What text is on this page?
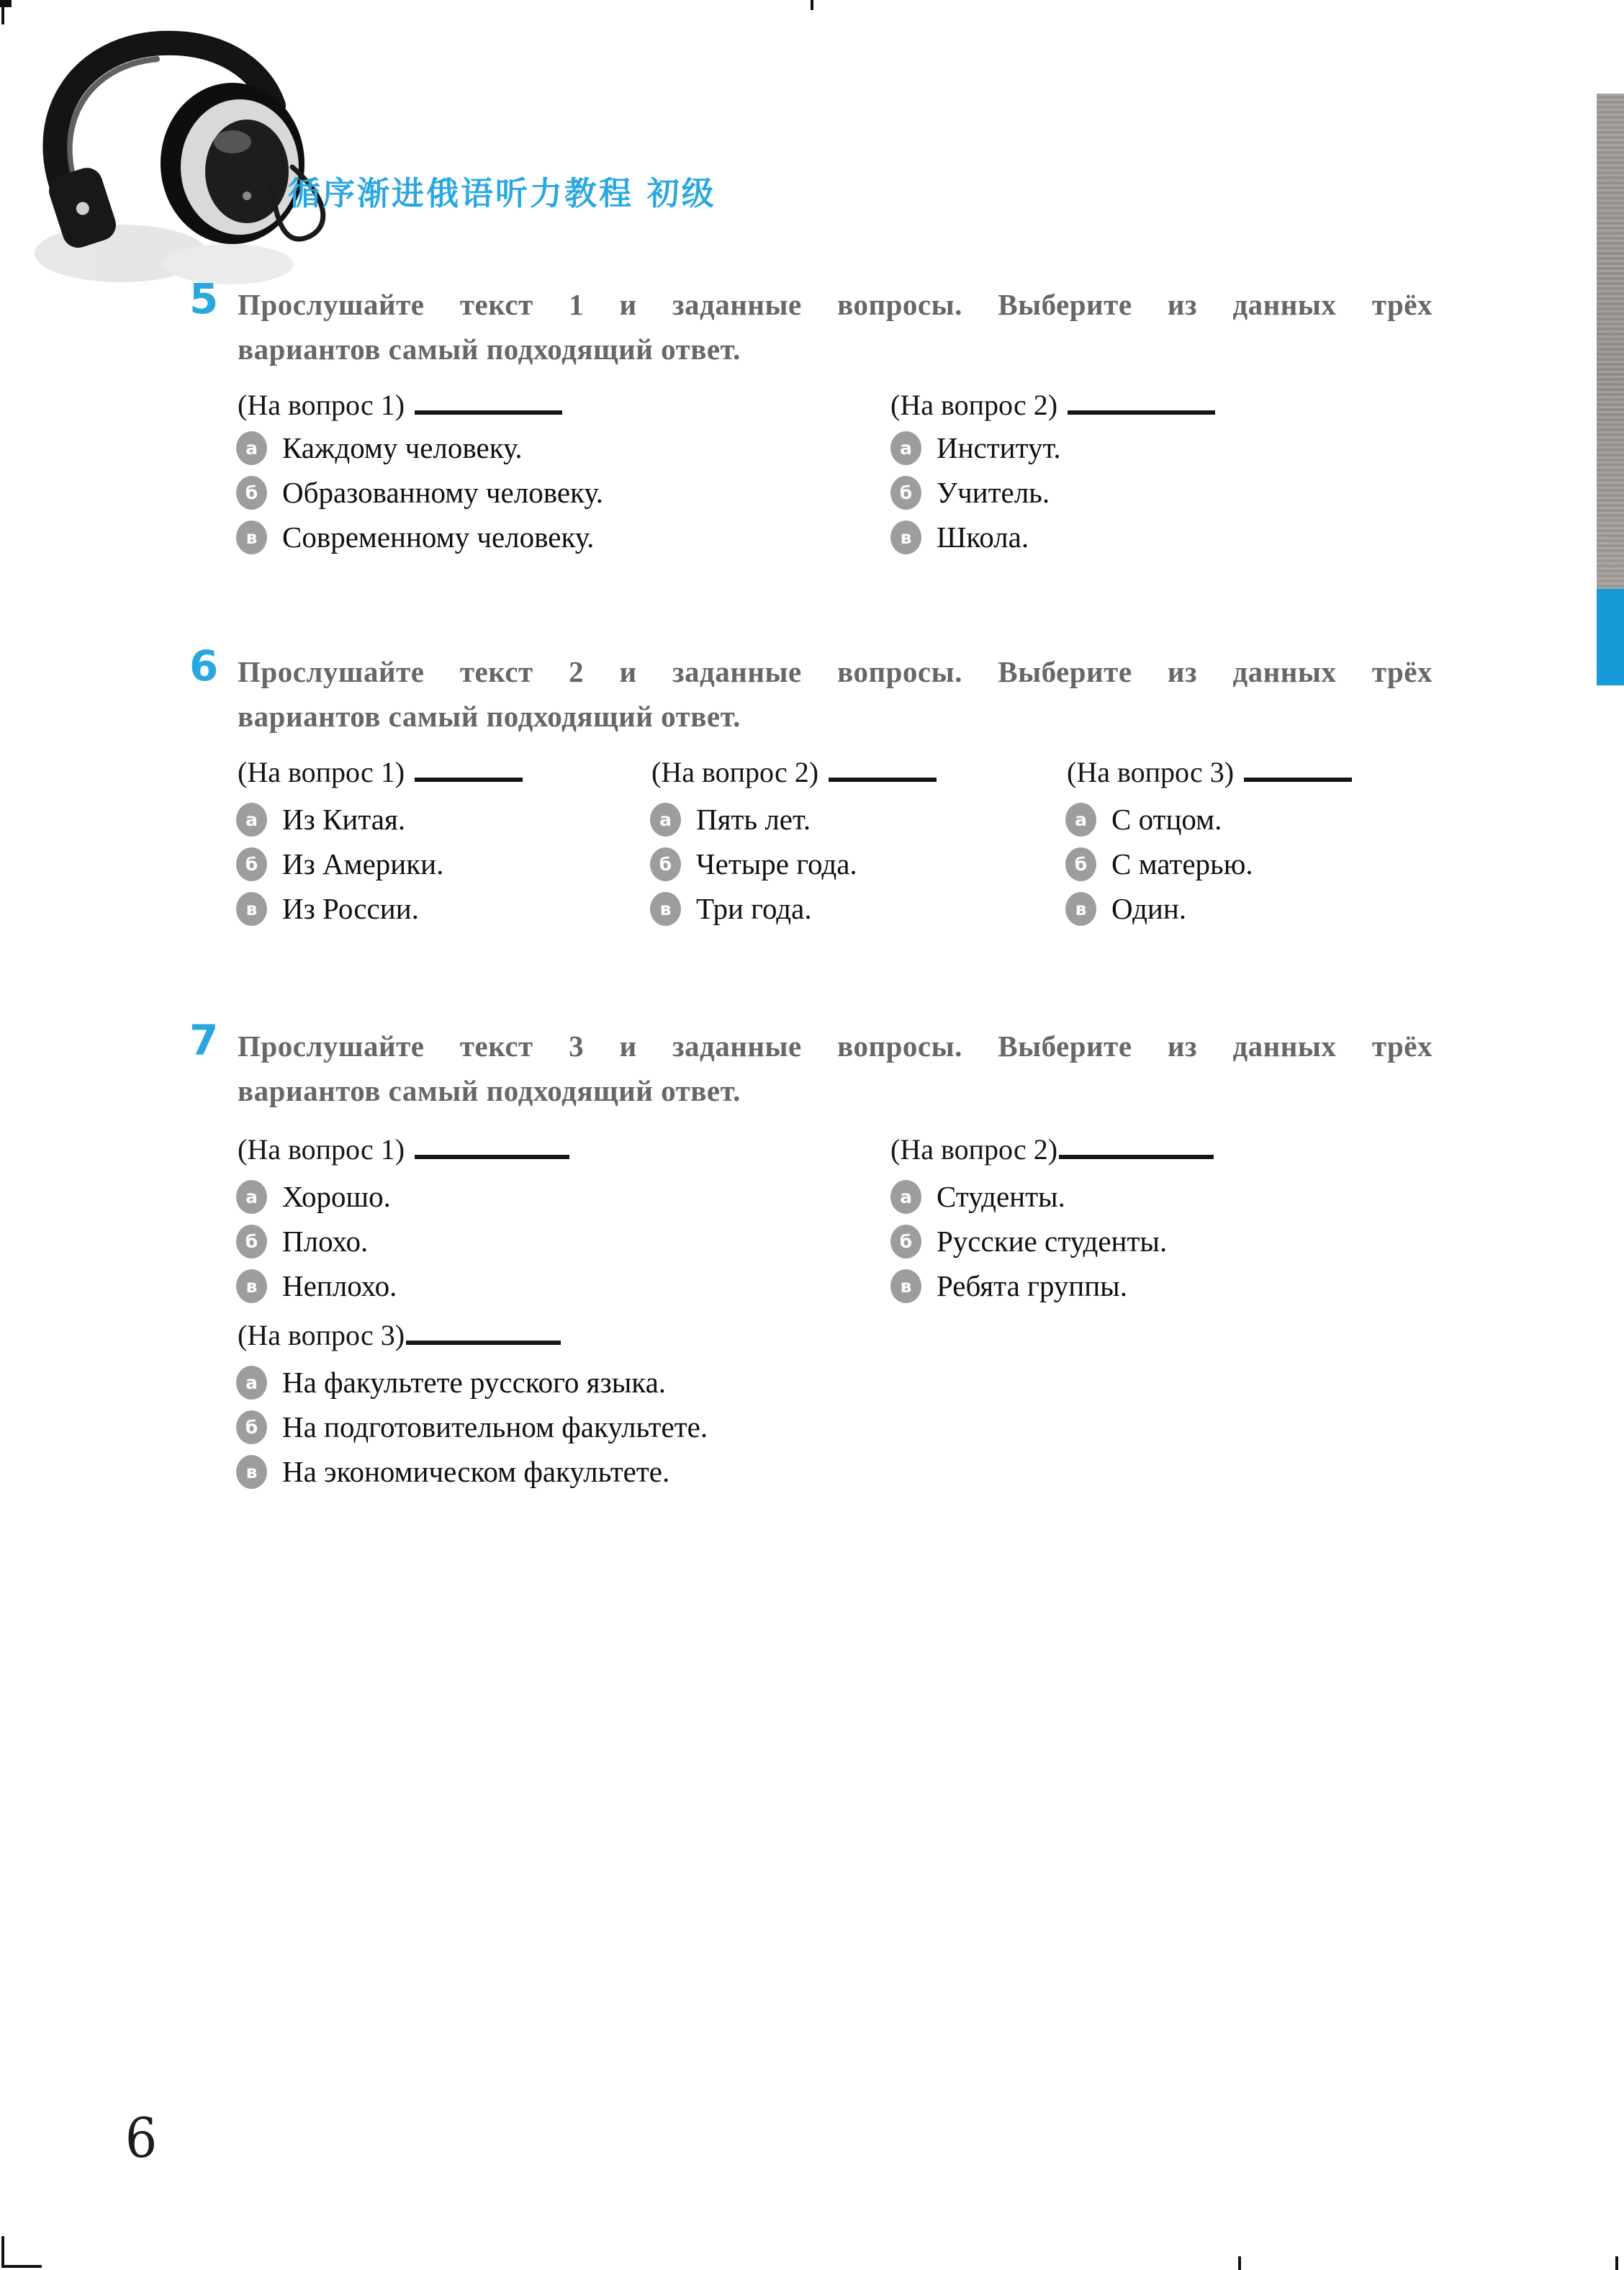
循序渐进俄语听力教程 初级
5 Прослушайте текст 1 и заданные вопросы. Выберите из данных трёх
вариантов самый подходящий ответ.
(На вопрос 1)	(На вопрос 2)
а Каждому человеку.
б Образованному человеку.
в Современному человеку.
а Институт.
б Учитель.
в Школа.
6 Прослушайте текст 2 и заданные вопросы. Выберите из данных трёх
вариантов самый подходящий ответ.
(На вопрос 1)	(На вопрос 2)	(На вопрос 3)
а Из Китая.
б Из Америки.
в Из России.
а Пять лет.
б Четыре года.
в Три года.
а С отцом.
б С матерью.
в Один.
7 Прослушайте текст 3 и заданные вопросы. Выберите из данных трёх
вариантов самый подходящий ответ.
(На вопрос 1)	(На вопрос 2)
а Хорошо.
б Плохо.
в Неплохо.
а Студенты.
б Русские студенты.
в Ребята группы.
(На вопрос 3)
а На факультете русского языка.
б На подготовительном факультете.
в На экономическом факультете.
6
